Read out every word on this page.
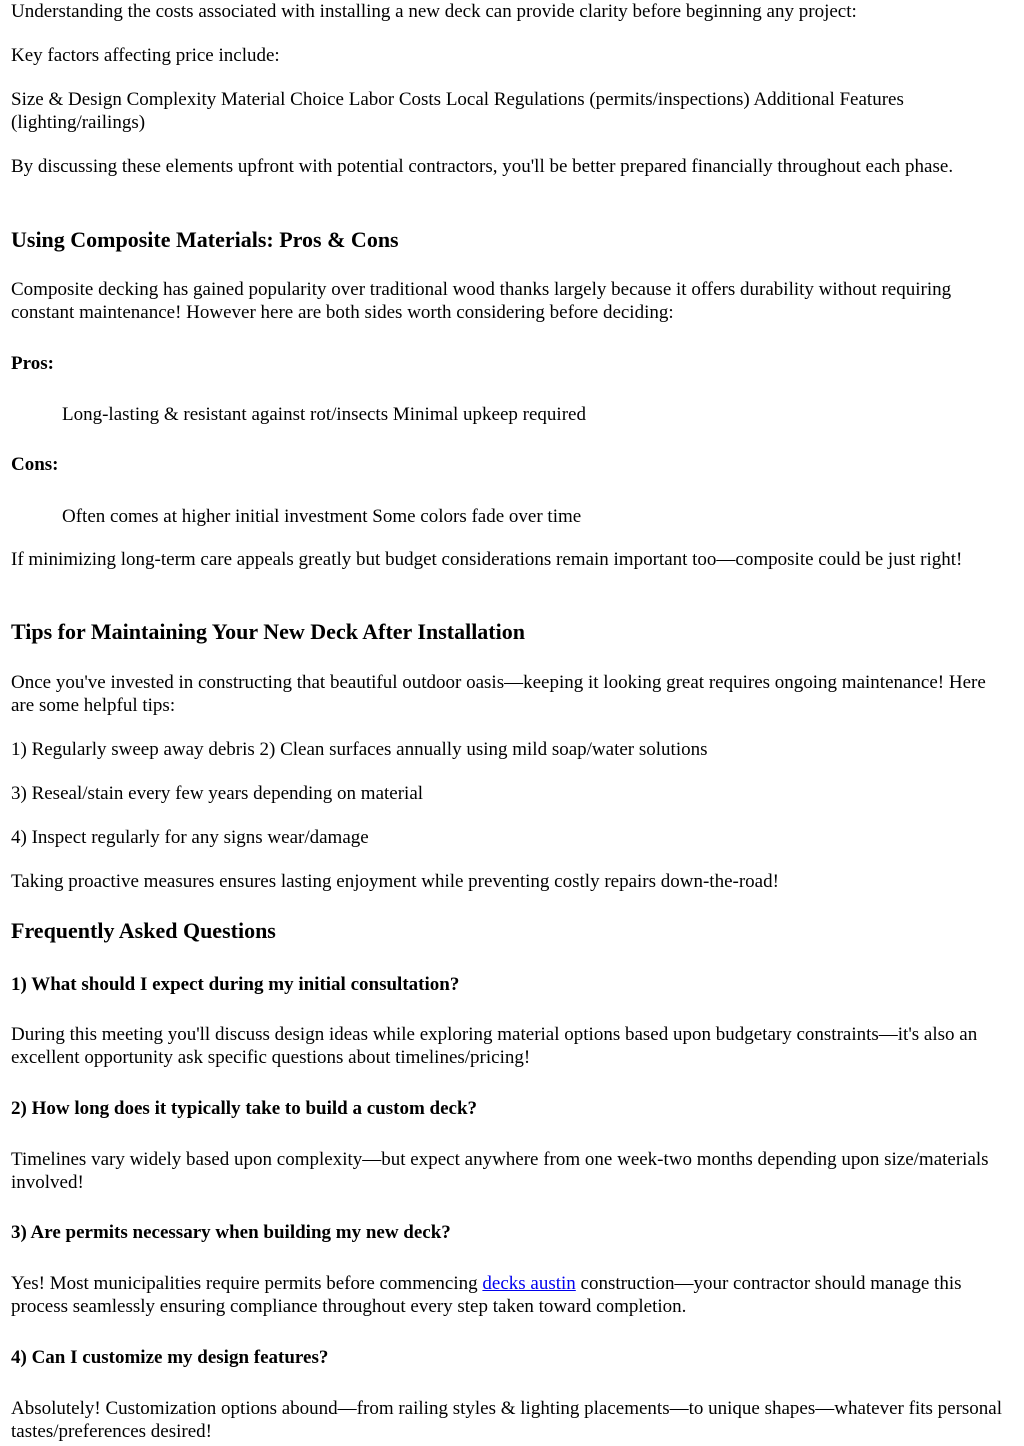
Understanding the costs associated with installing a new deck can provide clarity before beginning any project:

Key factors affecting price include:

Size & Design Complexity Material Choice Labor Costs Local Regulations (permits/inspections) Additional Features (lighting/railings)

By discussing these elements upfront with potential contractors, you'll be better prepared financially throughout each phase.

Using Composite Materials: Pros & Cons

Composite decking has gained popularity over traditional wood thanks largely because it offers durability without requiring constant maintenance! However here are both sides worth considering before deciding:

Pros:

Long-lasting & resistant against rot/insects Minimal upkeep required

Cons:

Often comes at higher initial investment Some colors fade over time

If minimizing long-term care appeals greatly but budget considerations remain important too—composite could be just right!

Tips for Maintaining Your New Deck After Installation

Once you've invested in constructing that beautiful outdoor oasis—keeping it looking great requires ongoing maintenance! Here are some helpful tips:

1) Regularly sweep away debris 2) Clean surfaces annually using mild soap/water solutions

3) Reseal/stain every few years depending on material

4) Inspect regularly for any signs wear/damage

Taking proactive measures ensures lasting enjoyment while preventing costly repairs down-the-road!

Frequently Asked Questions
1) What should I expect during my initial consultation?

During this meeting you'll discuss design ideas while exploring material options based upon budgetary constraints—it's also an excellent opportunity ask specific questions about timelines/pricing!

2) How long does it typically take to build a custom deck?

Timelines vary widely based upon complexity—but expect anywhere from one week-two months depending upon size/materials involved!

3) Are permits necessary when building my new deck?

Yes! Most municipalities require permits before commencing decks austin construction—your contractor should manage this process seamlessly ensuring compliance throughout every step taken toward completion.

4) Can I customize my design features?

Absolutely! Customization options abound—from railing styles & lighting placements—to unique shapes—whatever fits personal tastes/preferences desired!
